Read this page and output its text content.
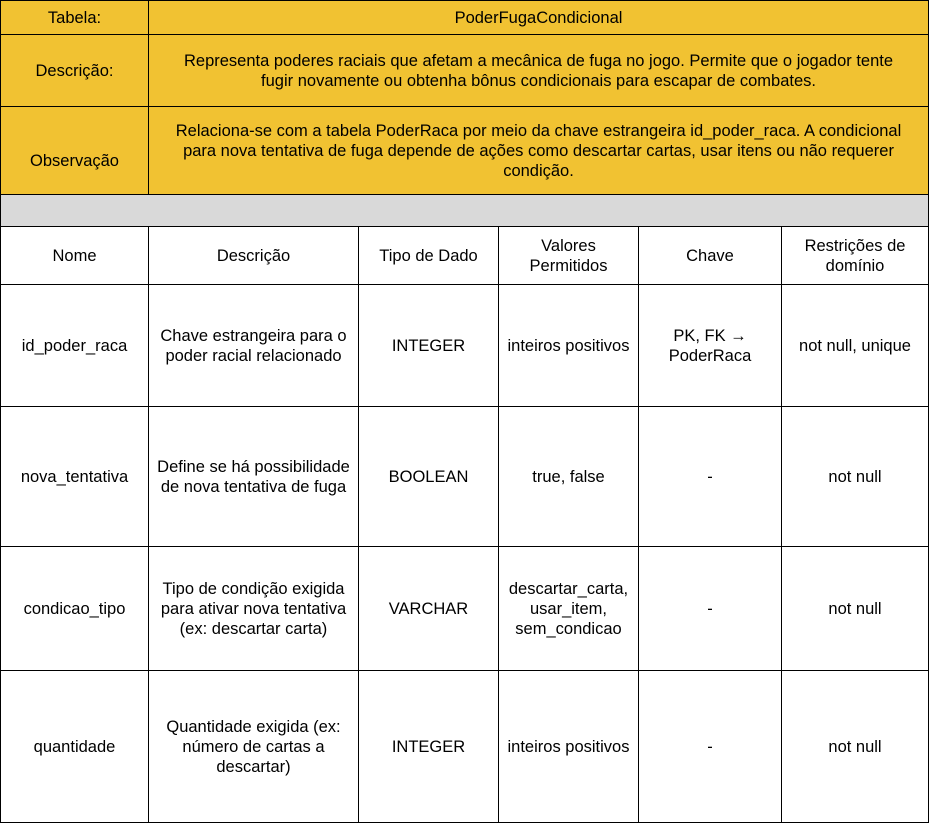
Tabela:	PoderFugaCondicional				
Descrição:	Representa poderes raciais que afetam a mecânica de fuga no jogo. Permite que o jogador tente fugir novamente ou obtenha bônus condicionais para escapar de combates.				
Observação	Relaciona-se com a tabela PoderRaca por meio da chave estrangeira id_poder_raca. A condicional para nova tentativa de fuga depende de ações como descartar cartas, usar itens ou não requerer condição.				

Nome	Descrição	Tipo de Dado	Valores Permitidos	Chave	Restrições de domínio
id_poder_raca	Chave estrangeira para o poder racial relacionado	INTEGER	inteiros positivos	PK, FK → PoderRaca	not null, unique
nova_tentativa	Define se há possibilidade de nova tentativa de fuga	BOOLEAN	true, false	-	not null
condicao_tipo	Tipo de condição exigida para ativar nova tentativa (ex: descartar carta)	VARCHAR	descartar_carta, usar_item, sem_condicao	-	not null
quantidade	Quantidade exigida (ex: número de cartas a descartar)	INTEGER	inteiros positivos	-	not null
